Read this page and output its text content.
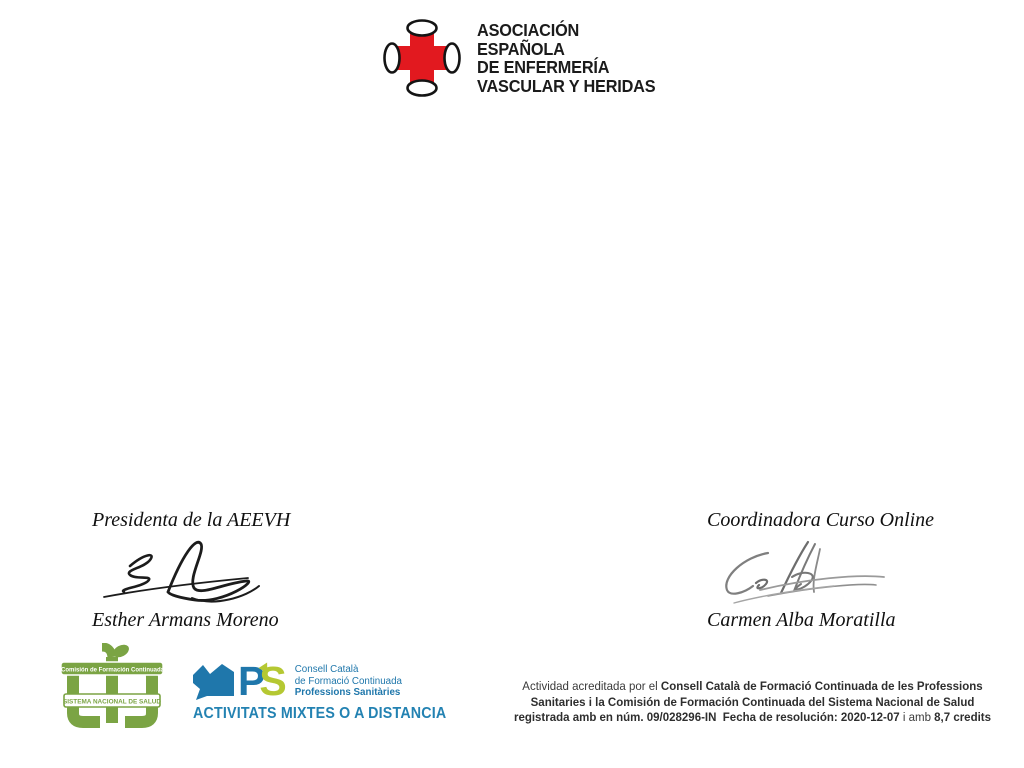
ASOCIACIÓN
ESPAÑOLA
DE ENFERMERÍA
VASCULAR Y HERIDAS
Presidenta de la AEEVH
Esther Armans Moreno
Coordinadora Curso Online
Carmen Alba Moratilla
Comisión de Formación Continuada
SISTEMA NACIONAL DE SALUD P
S Consell Català
de Formació Continuada
Professions Sanitàries
ACTIVITATS MIXTES O A DISTANCIA
Actividad acreditada por el Consell Català de Formació Continuada de les Professions
Sanitaries i la Comisión de Formación Continuada del Sistema Nacional de Salud
registrada amb en núm. 09/028296-IN  Fecha de resolución: 2020-12-07 i amb 8,7 credits
